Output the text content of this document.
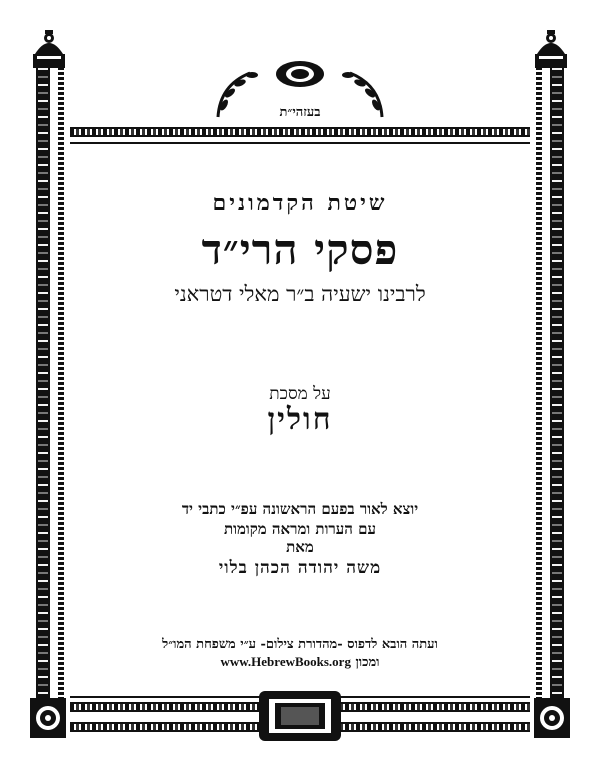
בעזהי״ת
שיטת הקדמונים
פסקי הרי״ד
לרבינו ישעיה ב״ר מאלי דטראני
על מסכת
חולין
יוצא לאור בפעם הראשונה עפ״י כתבי יד
עם הערות ומראה מקומות
מאת
משה יהודה הכהן בלוי
ועתה הובא לדפוס -מהדורת צילום- ע״י משפחת המו״ל
ומכון www.HebrewBooks.org
